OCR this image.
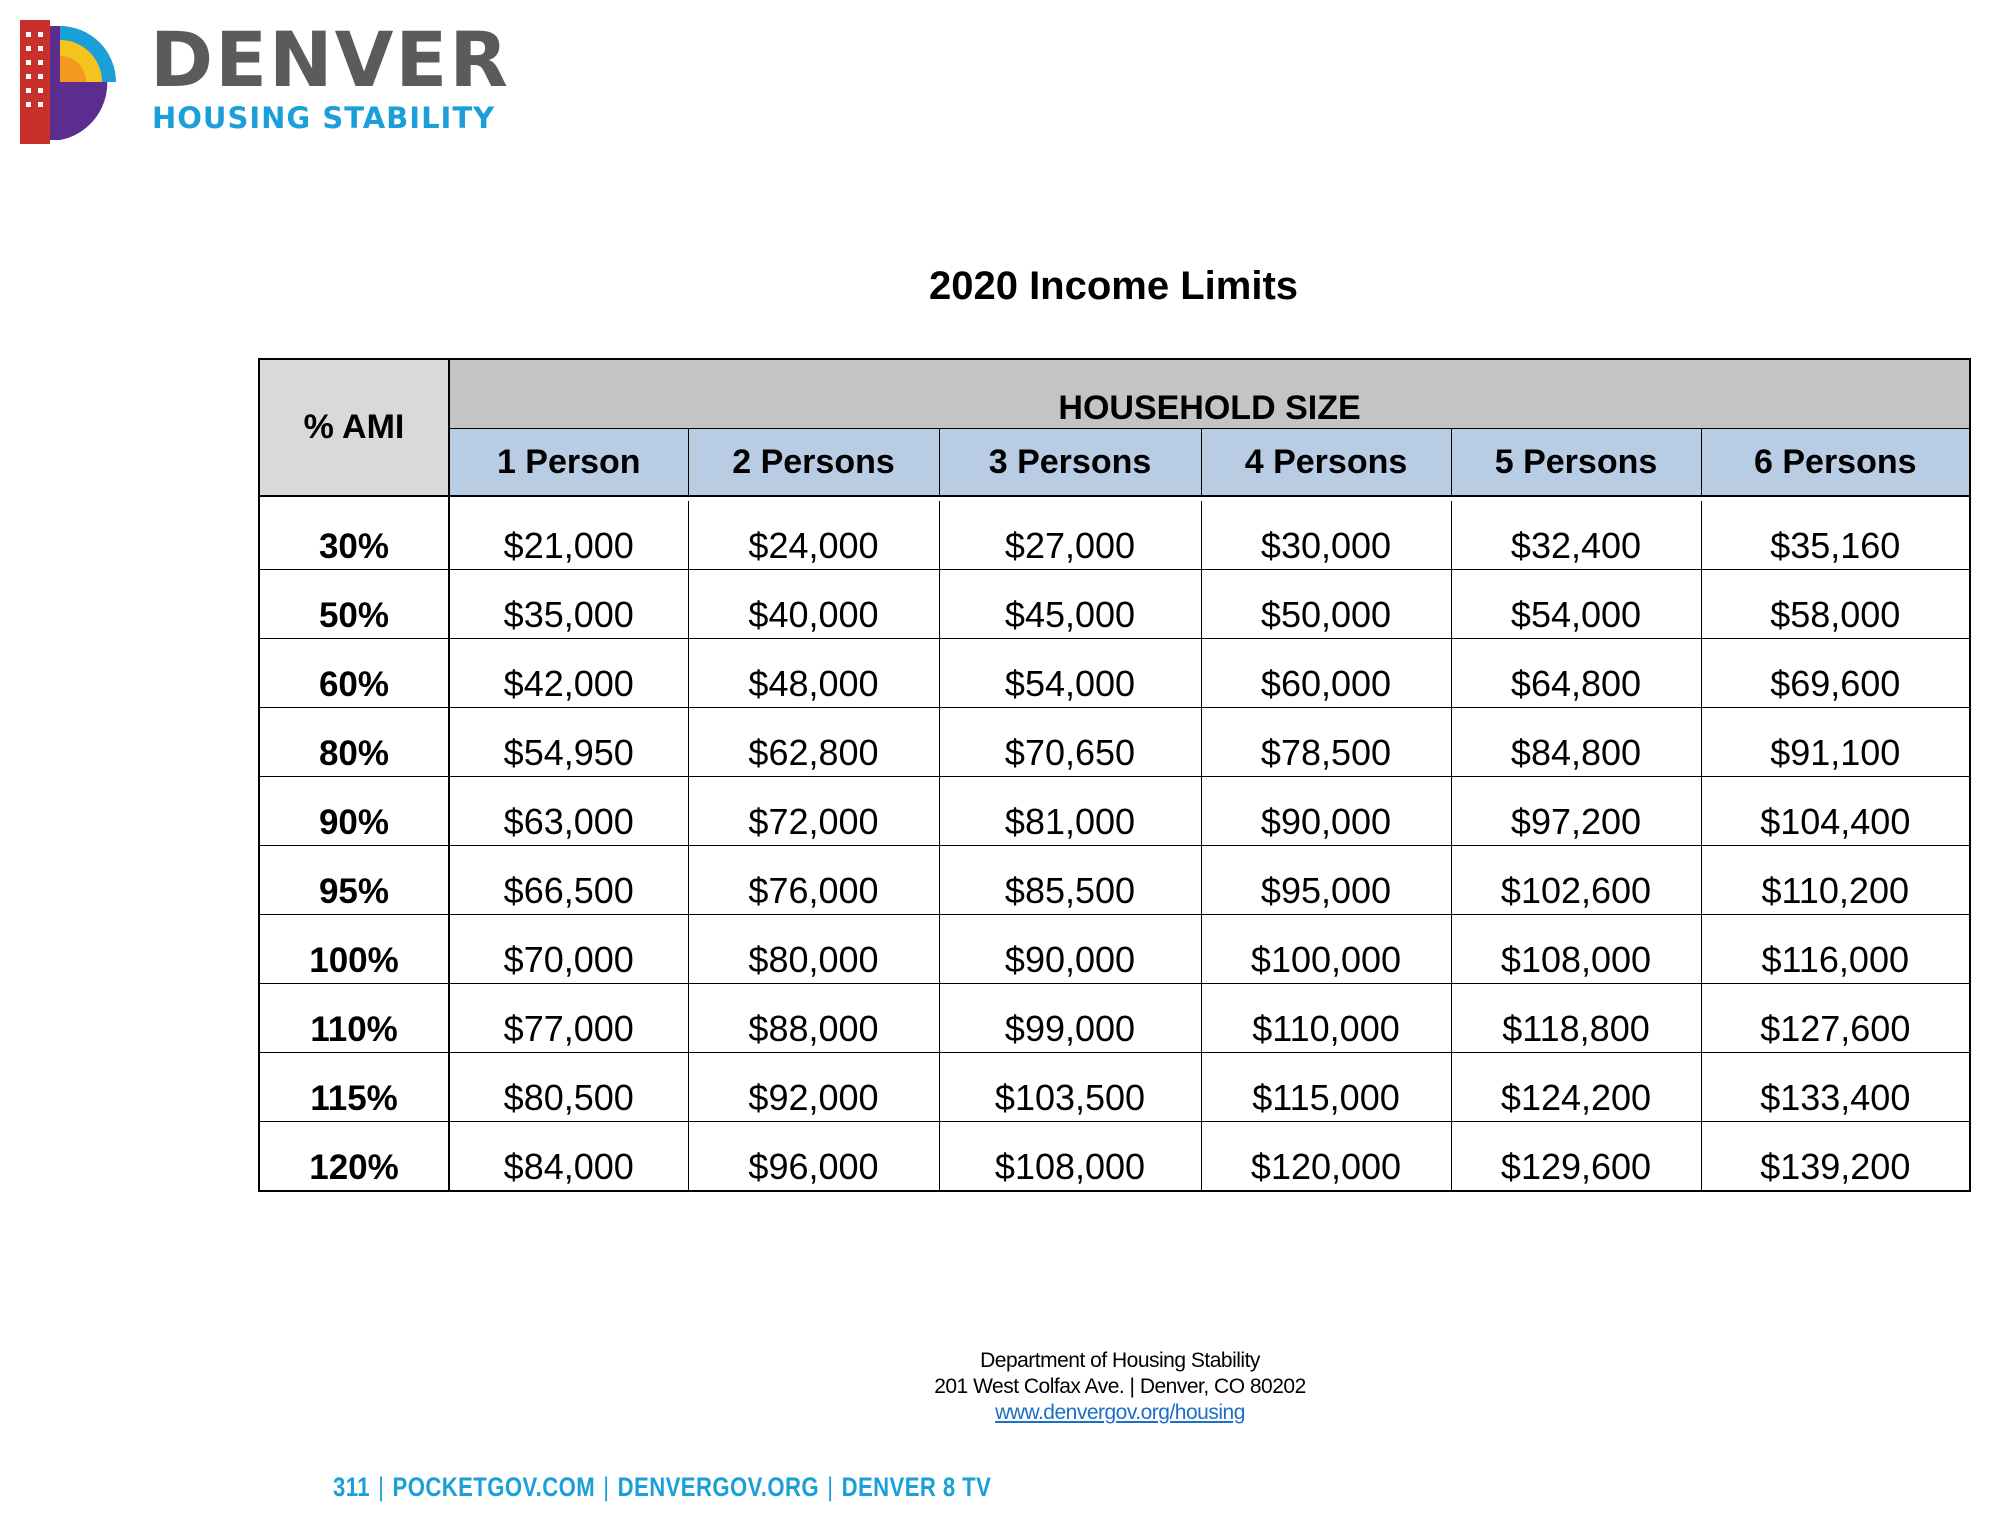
DENVER
HOUSING STABILITY
2020 Income Limits
% AMI	HOUSEHOLD SIZE					
	1 Person	2 Persons	3 Persons	4 Persons	5 Persons	6 Persons

30%	$21,000	$24,000	$27,000	$30,000	$32,400	$35,160
50%	$35,000	$40,000	$45,000	$50,000	$54,000	$58,000
60%	$42,000	$48,000	$54,000	$60,000	$64,800	$69,600
80%	$54,950	$62,800	$70,650	$78,500	$84,800	$91,100
90%	$63,000	$72,000	$81,000	$90,000	$97,200	$104,400
95%	$66,500	$76,000	$85,500	$95,000	$102,600	$110,200
100%	$70,000	$80,000	$90,000	$100,000	$108,000	$116,000
110%	$77,000	$88,000	$99,000	$110,000	$118,800	$127,600
115%	$80,500	$92,000	$103,500	$115,000	$124,200	$133,400
120%	$84,000	$96,000	$108,000	$120,000	$129,600	$139,200
Department of Housing Stability
201 West Colfax Ave. | Denver, CO 80202
www.denvergov.org/housing
311 | POCKETGOV.COM | DENVERGOV.ORG | DENVER 8 TV
